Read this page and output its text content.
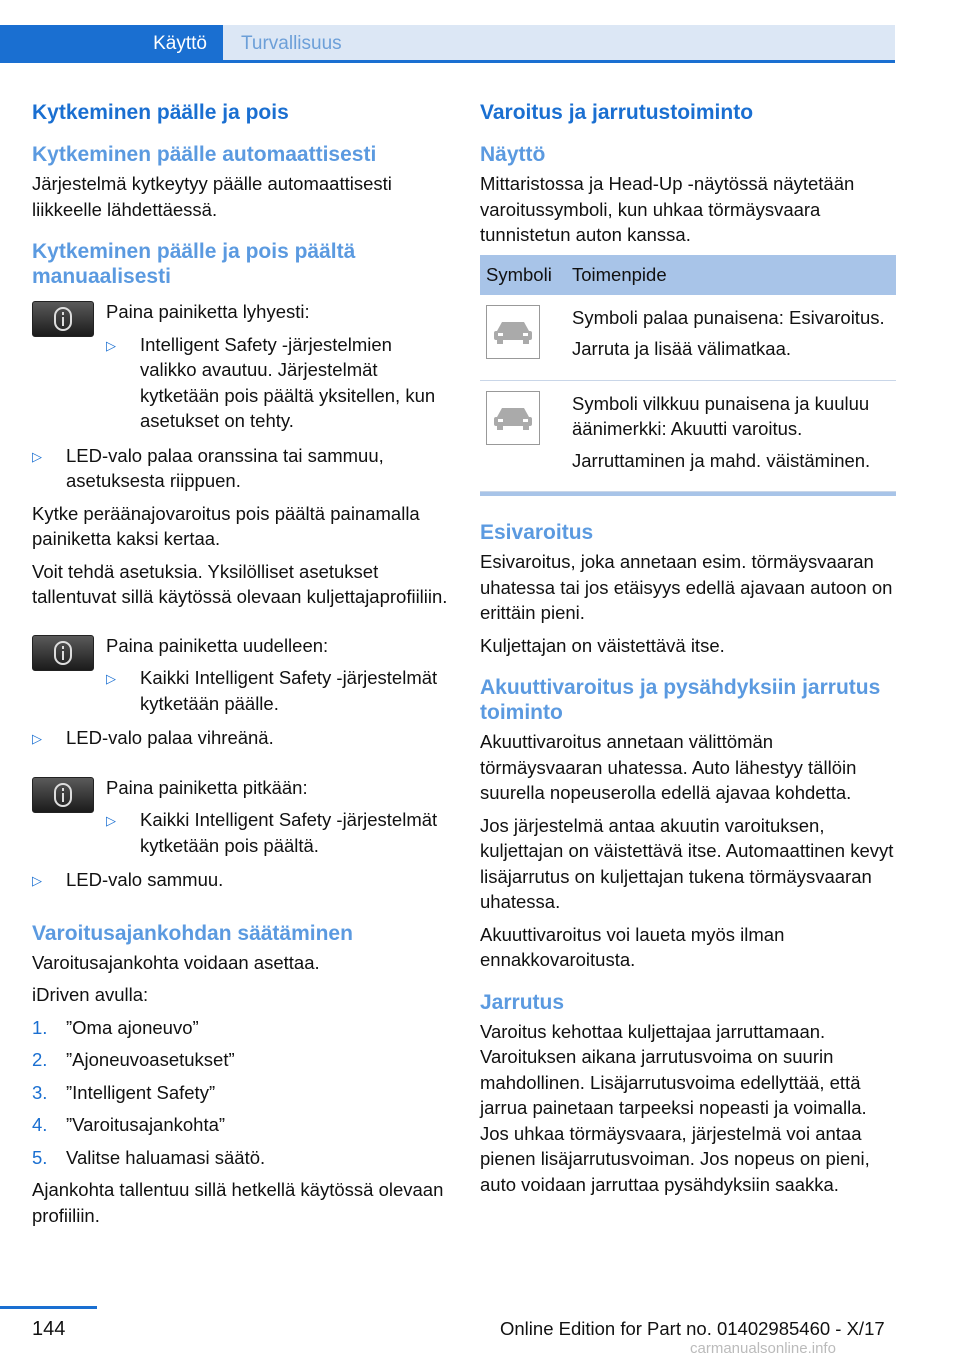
Käyttö	Turvallisuus
Kytkeminen päälle ja pois
Kytkeminen päälle automaattisesti

Järjestelmä kytkeytyy päälle automaattisesti liikkeelle lähdettäessä.

Kytkeminen päälle ja pois päältä manuaalisesti

Paina painiketta lyhyesti:

▷	Intelligent Safety -järjestelmien valikko avautuu. Järjestelmät kytketään pois päältä yksitellen, kun asetukset on tehty.
▷	LED-valo palaa oranssina tai sammuu, asetuksesta riippuen.

Kytke peräänajovaroitus pois päältä painamalla painiketta kaksi kertaa.

Voit tehdä asetuksia. Yksilölliset asetukset tallentuvat sillä käytössä olevaan kuljettajaprofiiliin.

Paina painiketta uudelleen:

▷	Kaikki Intelligent Safety -järjestelmät kytketään päälle.
▷	LED-valo palaa vihreänä.

Paina painiketta pitkään:

▷	Kaikki Intelligent Safety -järjestelmät kytketään pois päältä.
▷	LED-valo sammuu.
Varoitusajankohdan säätäminen

Varoitusajankohta voidaan asettaa.

iDriven avulla:

1.	”Oma ajoneuvo”
2.	”Ajoneuvoasetukset”
3.	”Intelligent Safety”
4.	”Varoitusajankohta”
5.	Valitse haluamasi säätö.

Ajankohta tallentuu sillä hetkellä käytössä olevaan profiiliin.

Varoitus ja jarrutustoiminto
Näyttö

Mittaristossa ja Head-Up -näytössä näytetään varoitussymboli, kun uhkaa törmäysvaara tunnistetun auton kanssa.

Symboli	Toimenpide

Symboli palaa punaisena: Esivaroitus.

Jarruta ja lisää välimatkaa.

Symboli vilkkuu punaisena ja kuuluu äänimerkki: Akuutti varoitus.

Jarruttaminen ja mahd. väistäminen.

Esivaroitus

Esivaroitus, joka annetaan esim. törmäysvaaran uhatessa tai jos etäisyys edellä ajavaan autoon on erittäin pieni.

Kuljettajan on väistettävä itse.

Akuuttivaroitus ja pysähdyksiin jarrutus toiminto

Akuuttivaroitus annetaan välittömän törmäysvaaran uhatessa. Auto lähestyy tällöin suurella nopeuserolla edellä ajavaa kohdetta.

Jos järjestelmä antaa akuutin varoituksen, kuljettajan on väistettävä itse. Automaattinen kevyt lisäjarrutus on kuljettajan tukena törmäysvaaran uhatessa.

Akuuttivaroitus voi laueta myös ilman ennakkovaroitusta.

Jarrutus

Varoitus kehottaa kuljettajaa jarruttamaan. Varoituksen aikana jarrutusvoima on suurin mahdollinen. Lisäjarrutusvoima edellyttää, että jarrua painetaan tarpeeksi nopeasti ja voimalla. Jos uhkaa törmäysvaara, järjestelmä voi antaa pienen lisäjarrutusvoiman. Jos nopeus on pieni, auto voidaan jarruttaa pysähdyksiin saakka.

144	Online Edition for Part no. 01402985460 - X/17
carmanualsonline.info
